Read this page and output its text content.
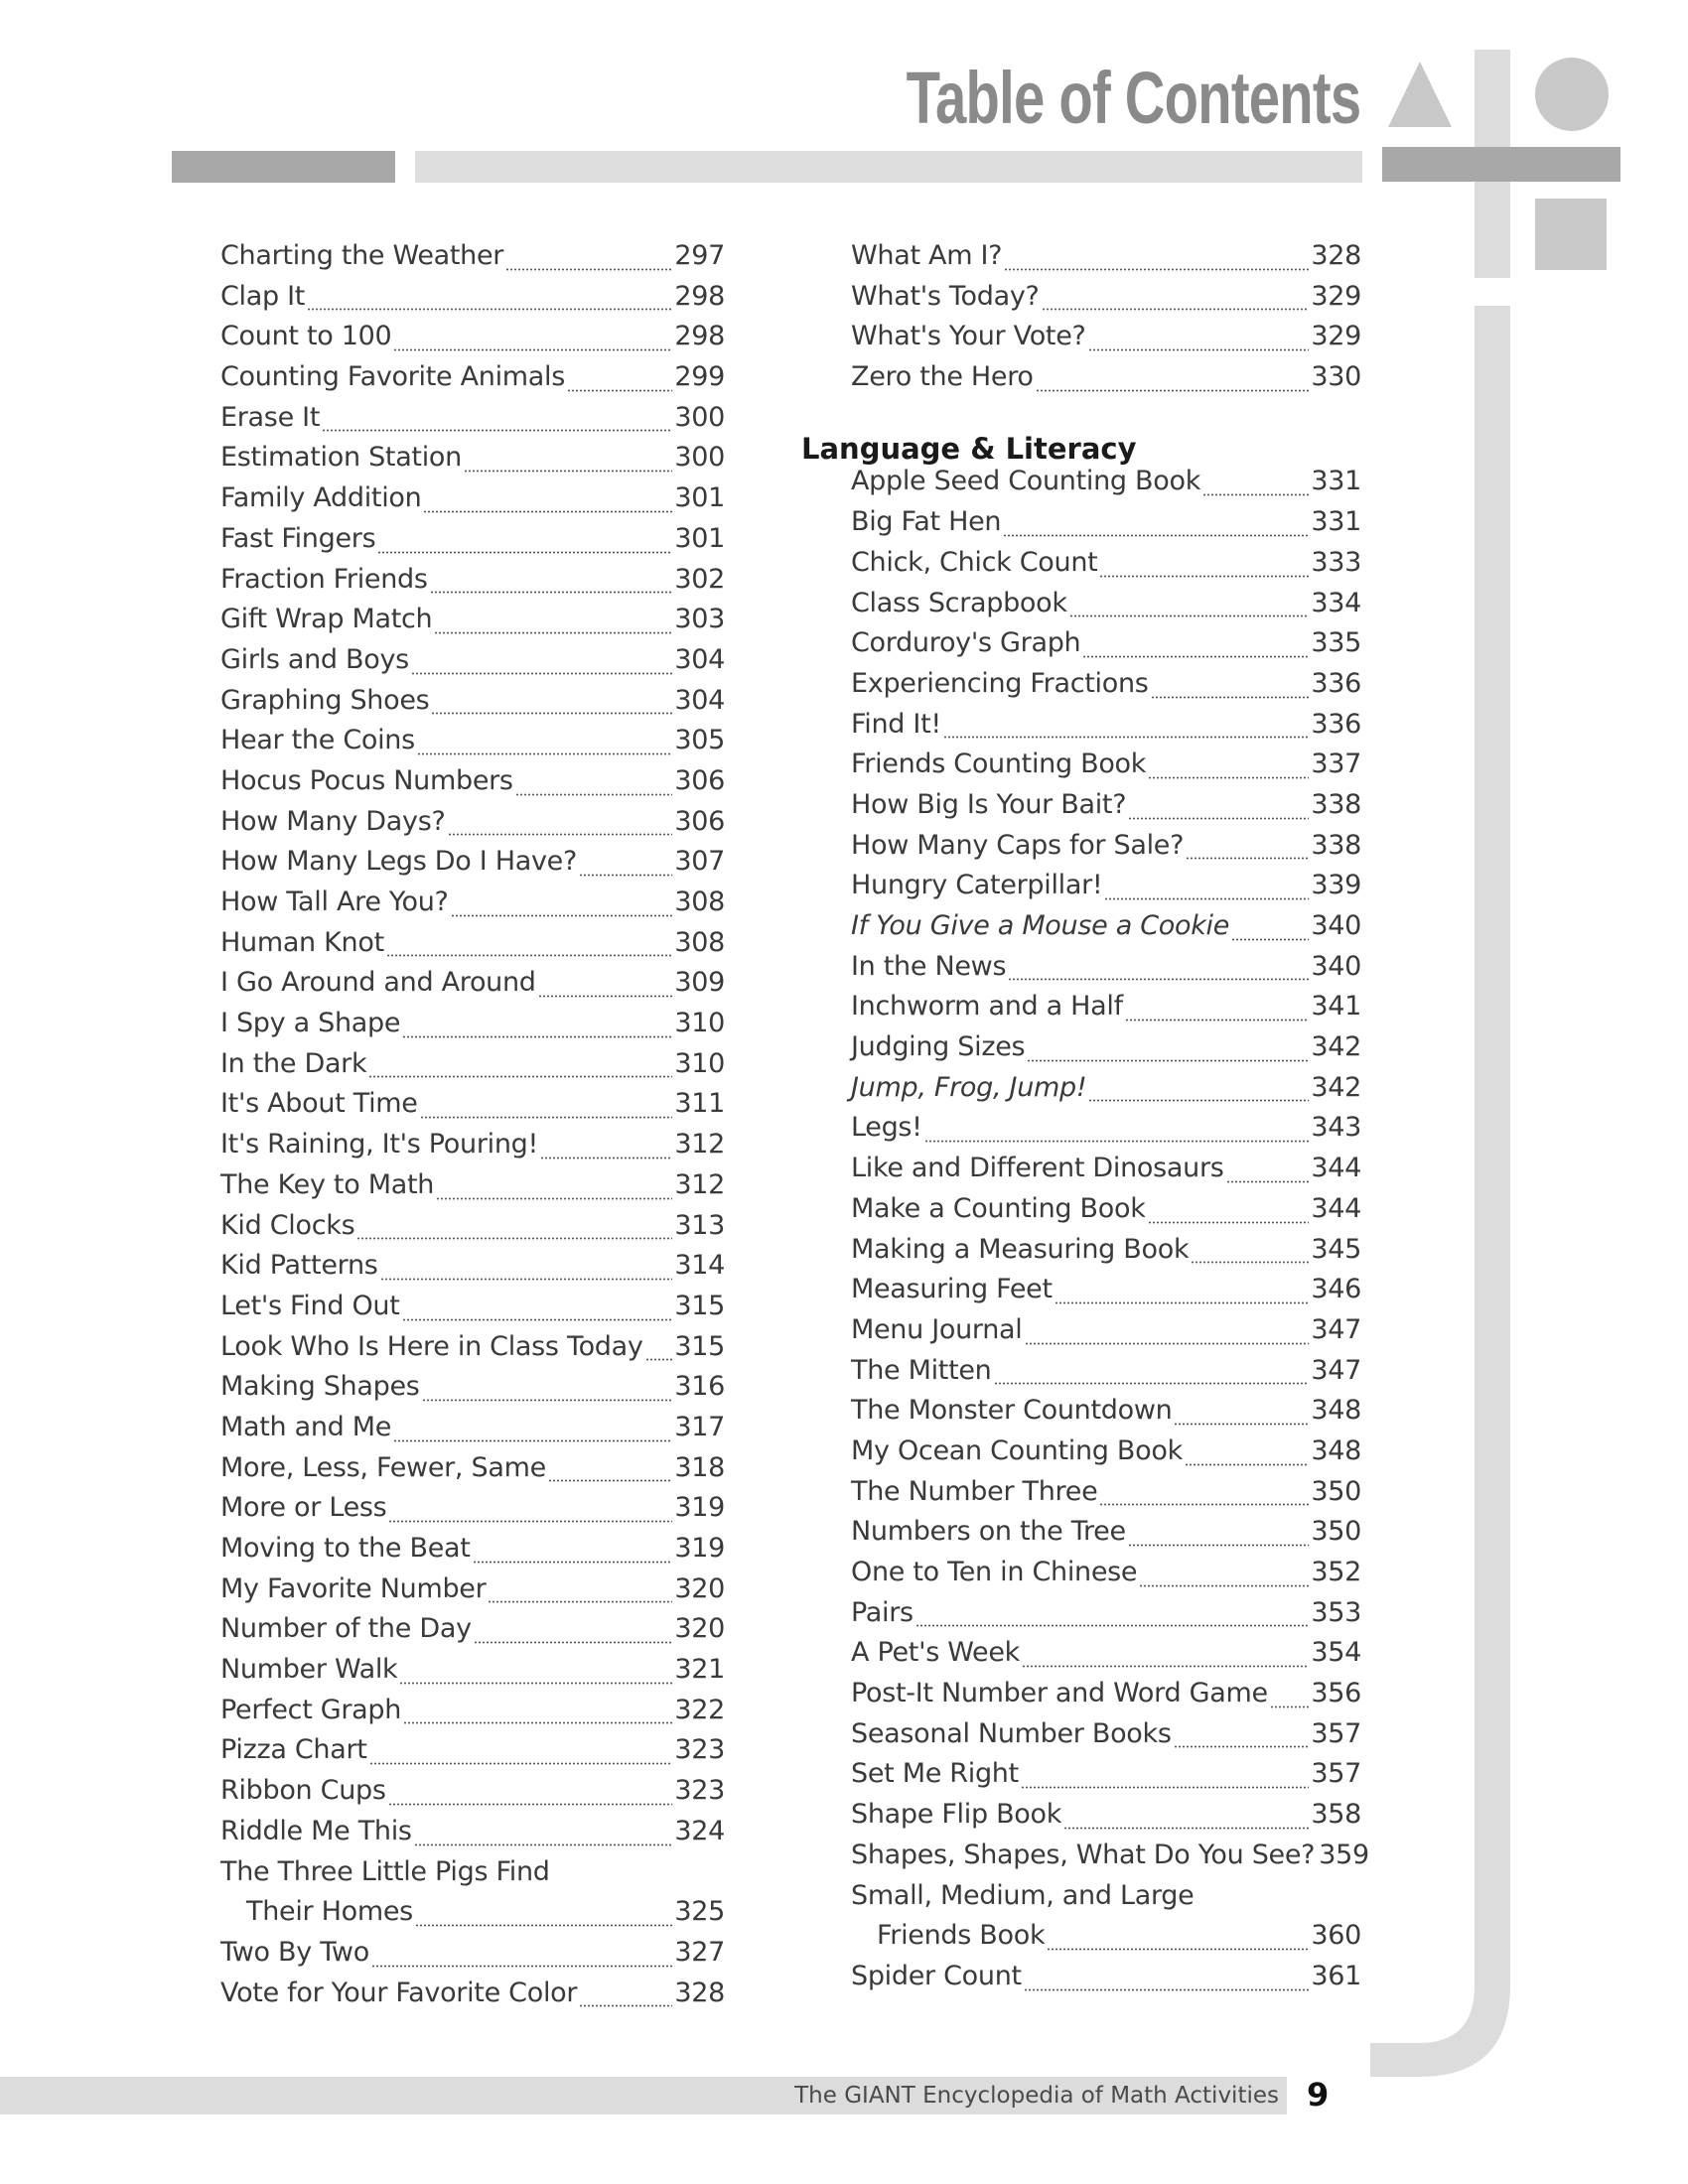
Table of Contents
Charting the Weather	297
Clap It	298
Count to 100	298
Counting Favorite Animals	299
Erase It	300
Estimation Station	300
Family Addition	301
Fast Fingers	301
Fraction Friends	302
Gift Wrap Match	303
Girls and Boys	304
Graphing Shoes	304
Hear the Coins	305
Hocus Pocus Numbers	306
How Many Days?	306
How Many Legs Do I Have?	307
How Tall Are You?	308
Human Knot	308
I Go Around and Around	309
I Spy a Shape	310
In the Dark	310
It's About Time	311
It's Raining, It's Pouring!	312
The Key to Math	312
Kid Clocks	313
Kid Patterns	314
Let's Find Out	315
Look Who Is Here in Class Today 315
Making Shapes	316
Math and Me	317
More, Less, Fewer, Same	318
More or Less	319
Moving to the Beat	319
My Favorite Number	320
Number of the Day	320
Number Walk	321
Perfect Graph	322
Pizza Chart	323
Ribbon Cups	323
Riddle Me This	324
The Three Little Pigs Find
Their Homes	325
Two By Two	327
Vote for Your Favorite Color	328
What Am I?	328
What's Today?	329
What's Your Vote?	329
Zero the Hero	330
Language & Literacy
Apple Seed Counting Book	331
Big Fat Hen	331
Chick, Chick Count	333
Class Scrapbook	334
Corduroy's Graph	335
Experiencing Fractions	336
Find It!	336
Friends Counting Book	337
How Big Is Your Bait?	338
How Many Caps for Sale?	338
Hungry Caterpillar!	339
If You Give a Mouse a Cookie	340
In the News	340
Inchworm and a Half	341
Judging Sizes	342
Jump, Frog, Jump!	342
Legs!	343
Like and Different Dinosaurs	344
Make a Counting Book	344
Making a Measuring Book	345
Measuring Feet	346
Menu Journal	347
The Mitten	347
The Monster Countdown	348
My Ocean Counting Book	348
The Number Three	350
Numbers on the Tree	350
One to Ten in Chinese	352
Pairs	353
A Pet's Week	354
Post-It Number and Word Game 356
Seasonal Number Books	357
Set Me Right	357
Shape Flip Book	358
Shapes, Shapes, What Do You See? 359
Small, Medium, and Large
Friends Book	360
Spider Count	361
The GIANT Encyclopedia of Math Activities 9
